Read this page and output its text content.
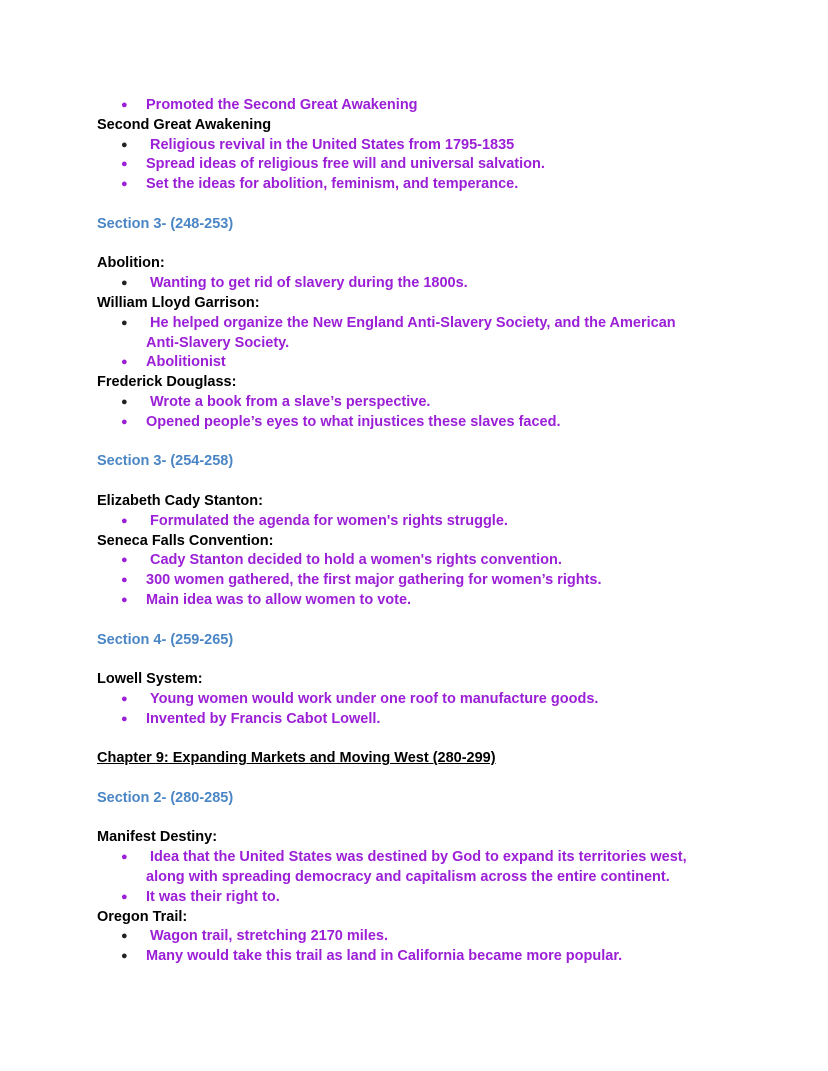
● Promoted the Second Great Awakening
Second Great Awakening
● Religious revival in the United States from 1795-1835
● Spread ideas of religious free will and universal salvation.
● Set the ideas for abolition, feminism, and temperance.
Section 3- (248-253)
Abolition:
● Wanting to get rid of slavery during the 1800s.
William Lloyd Garrison:
● He helped organize the New England Anti-Slavery Society, and the American
Anti-Slavery Society.
● Abolitionist
Frederick Douglass:
● Wrote a book from a slave’s perspective.
● Opened people’s eyes to what injustices these slaves faced.
Section 3- (254-258)
Elizabeth Cady Stanton:
● Formulated the agenda for women's rights struggle.
Seneca Falls Convention:
● Cady Stanton decided to hold a women's rights convention.
● 300 women gathered, the first major gathering for women’s rights.
● Main idea was to allow women to vote.
Section 4- (259-265)
Lowell System:
● Young women would work under one roof to manufacture goods.
● Invented by Francis Cabot Lowell.
Chapter 9: Expanding Markets and Moving West (280-299)
Section 2- (280-285)
Manifest Destiny:
● Idea that the United States was destined by God to expand its territories west,
along with spreading democracy and capitalism across the entire continent.
● It was their right to.
Oregon Trail:
● Wagon trail, stretching 2170 miles.
● Many would take this trail as land in California became more popular.
